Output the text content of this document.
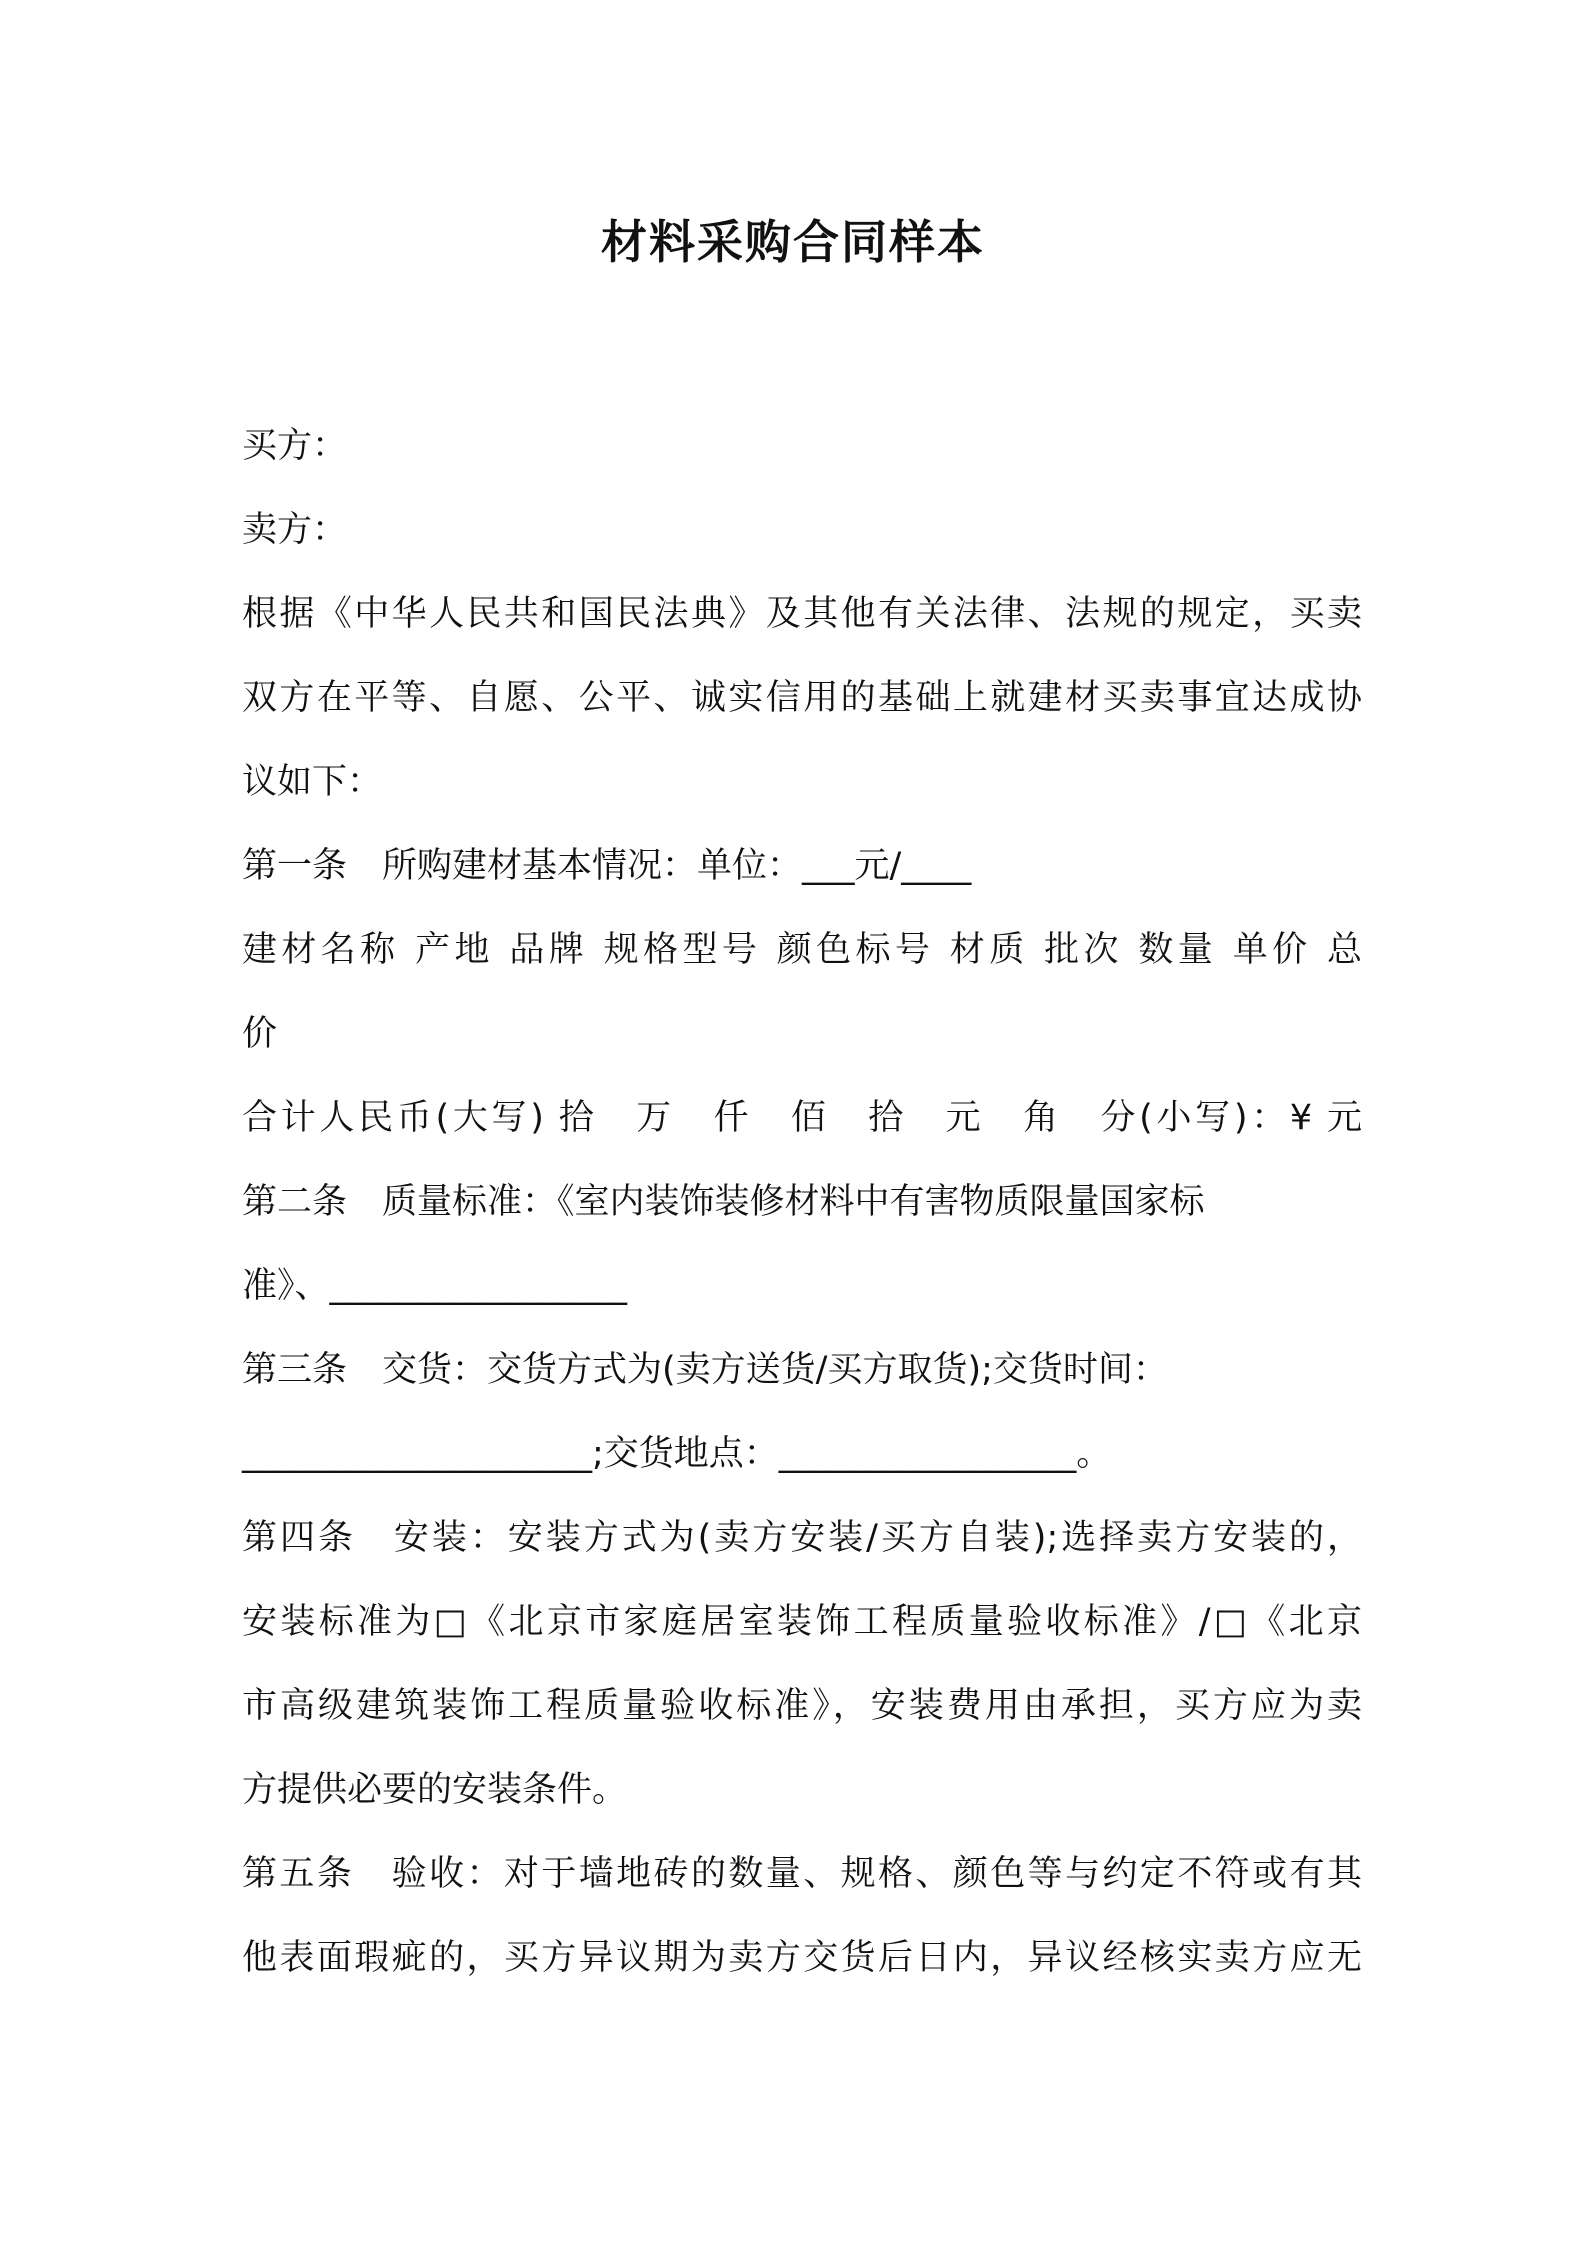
材料采购合同样本
买方：
卖方：
根据《中华人民共和国民法典》及其他有关法律、法规的规定，买卖
双方在平等、自愿、公平、诚实信用的基础上就建材买卖事宜达成协
议如下：
第一条　所购建材基本情况：单位：___元/____
建材名称 产地 品牌 规格型号 颜色标号 材质 批次 数量 单价 总
价
合计人民币(大写) 拾　万　仟　佰　拾　元　角　分(小写)：¥ 元
第二条　质量标准：《室内装饰装修材料中有害物质限量国家标
准》、_________________
第三条　交货：交货方式为(卖方送货/买方取货);交货时间：
____________________;交货地点：_________________。
第四条　安装：安装方式为(卖方安装/买方自装);选择卖方安装的，
安装标准为□《北京市家庭居室装饰工程质量验收标准》/□《北京
市高级建筑装饰工程质量验收标准》，安装费用由承担，买方应为卖
方提供必要的安装条件。
第五条　验收：对于墙地砖的数量、规格、颜色等与约定不符或有其
他表面瑕疵的，买方异议期为卖方交货后日内，异议经核实卖方应无
